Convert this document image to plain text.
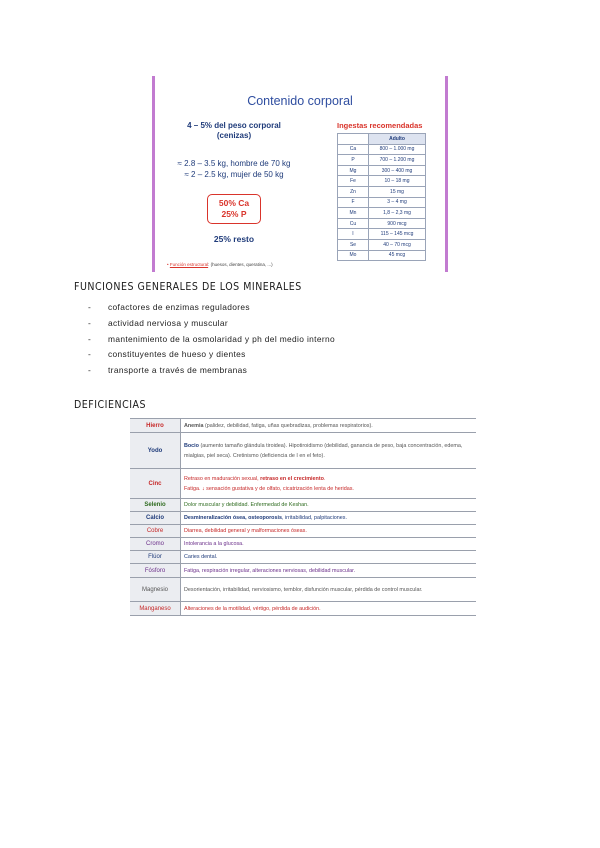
Contenido corporal
4 – 5% del peso corporal
(cenizas)
≈ 2.8 – 3.5 kg, hombre de 70 kg
≈ 2 – 2.5 kg, mujer de 50 kg
50% Ca
25% P
25% resto
• Función estructural: (huesos, dientes, queratina, ...)
Ingestas recomendadas
	Adulto
Ca	800 – 1.000 mg
P	700 – 1.200 mg
Mg	300 – 400 mg
Fe	10 – 18 mg
Zn	15 mg
F	3 – 4 mg
Mn	1,8 – 2,3 mg
Cu	900 mcg
I	115 – 145 mcg
Se	40 – 70 mcg
Mo	45 mcg
FUNCIONES GENERALES DE LOS MINERALES
- cofactores de enzimas reguladores
- actividad nerviosa y muscular
- mantenimiento de la osmolaridad y ph del medio interno
- constituyentes de hueso y dientes
- transporte a través de membranas
DEFICIENCIAS
Hierro	Anemia (palidez, debilidad, fatiga, uñas quebradizas, problemas respiratorios).
Yodo	Bocio (aumento tamaño glándula tiroidea). Hipotiroidismo (debilidad, ganancia de peso, baja concentración, edema, mialgias, piel seca). Cretinismo (deficiencia de I en el feto).
Cinc	Retraso en maduración sexual, retraso en el crecimiento.
Fatiga. ↓ sensación gustativa y de olfato, cicatrización lenta de heridas.
Selenio	Dolor muscular y debilidad. Enfermedad de Keshan.
Calcio	Desmineralización ósea, osteoporosis, irritabilidad, palpitaciones.
Cobre	Diarrea, debilidad general y malformaciones óseas.
Cromo	Intolerancia a la glucosa.
Flúor	Caries dental.
Fósforo	Fatiga, respiración irregular, alteraciones nerviosas, debilidad muscular.
Magnesio	Desorientación, irritabilidad, nerviosismo, temblor, disfunción muscular, pérdida de control muscular.
Manganeso	Alteraciones de la motilidad, vértigo, pérdida de audición.
